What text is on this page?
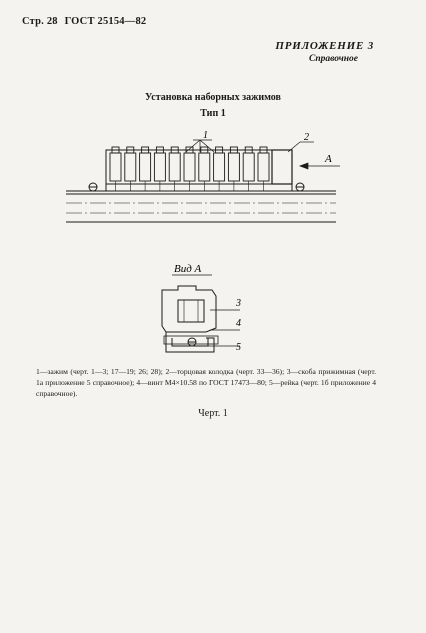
Стр. 28 ГОСТ 25154—82
ПРИЛОЖЕНИЕ 3
Справочное
Установка наборных зажимов
Тип 1
1	2
A
Вид A
3
4
5
1—зажим (черт. 1—3; 17—19; 26; 28); 2—торцовая колодка (черт. 33—36); 3—скоба прижимная (черт. 1а приложение 5 справочное); 4—винт М4×10.58 по ГОСТ 17473—80; 5—рейка (черт. 1б приложение 4 справочное).
Черт. 1
